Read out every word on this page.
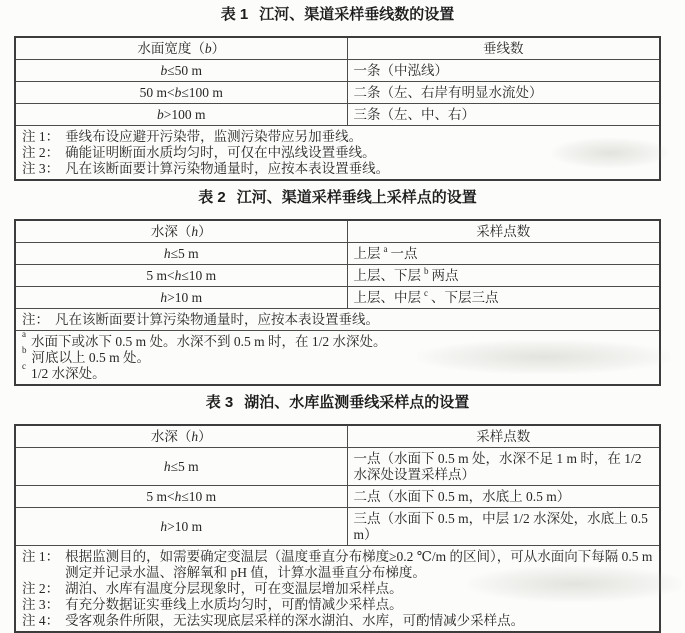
表 1 江河、渠道采样垂线数的设置
水面宽度（b）	垂线数
b≤50 m	一条（中泓线）
50 m<b≤100 m	二条（左、右岸有明显水流处）
b>100 m	三条（左、中、右）

注 1： 垂线布设应避开污染带，监测污染带应另加垂线。
注 2： 确能证明断面水质均匀时，可仅在中泓线设置垂线。
注 3： 凡在该断面要计算污染物通量时，应按本表设置垂线。
表 2 江河、渠道采样垂线上采样点的设置
水深（h）	采样点数
h≤5 m	上层 $^a$ 一点
5 m<h≤10 m	上层、下层 $^b$ 两点
h>10 m	上层、中层 $^c$ 、下层三点

注： 凡在该断面要计算污染物通量时，应按本表设置垂线。	

a 水面下或冰下 0.5 m 处。水深不到 0.5 m 时，在 1/2 水深处。
b 河底以上 0.5 m 处。
c 1/2 水深处。
表 3 湖泊、水库监测垂线采样点的设置
水深（h）	采样点数
h≤5 m	一点（水面下 0.5 m 处，水深不足 1 m 时，在 1/2 水深处设置采样点）
5 m<h≤10 m	二点（水面下 0.5 m，水底上 0.5 m）
h>10 m	三点（水面下 0.5 m，中层 1/2 水深处，水底上 0.5 m）

注 1： 根据监测目的，如需要确定变温层（温度垂直分布梯度≥0.2 ℃/m 的区间），可从水面向下每隔 0.5 m 测定并记录水温、溶解氧和 pH 值，计算水温垂直分布梯度。
注 2： 湖泊、水库有温度分层现象时，可在变温层增加采样点。
注 3： 有充分数据证实垂线上水质均匀时，可酌情减少采样点。
注 4： 受客观条件所限，无法实现底层采样的深水湖泊、水库，可酌情减少采样点。
